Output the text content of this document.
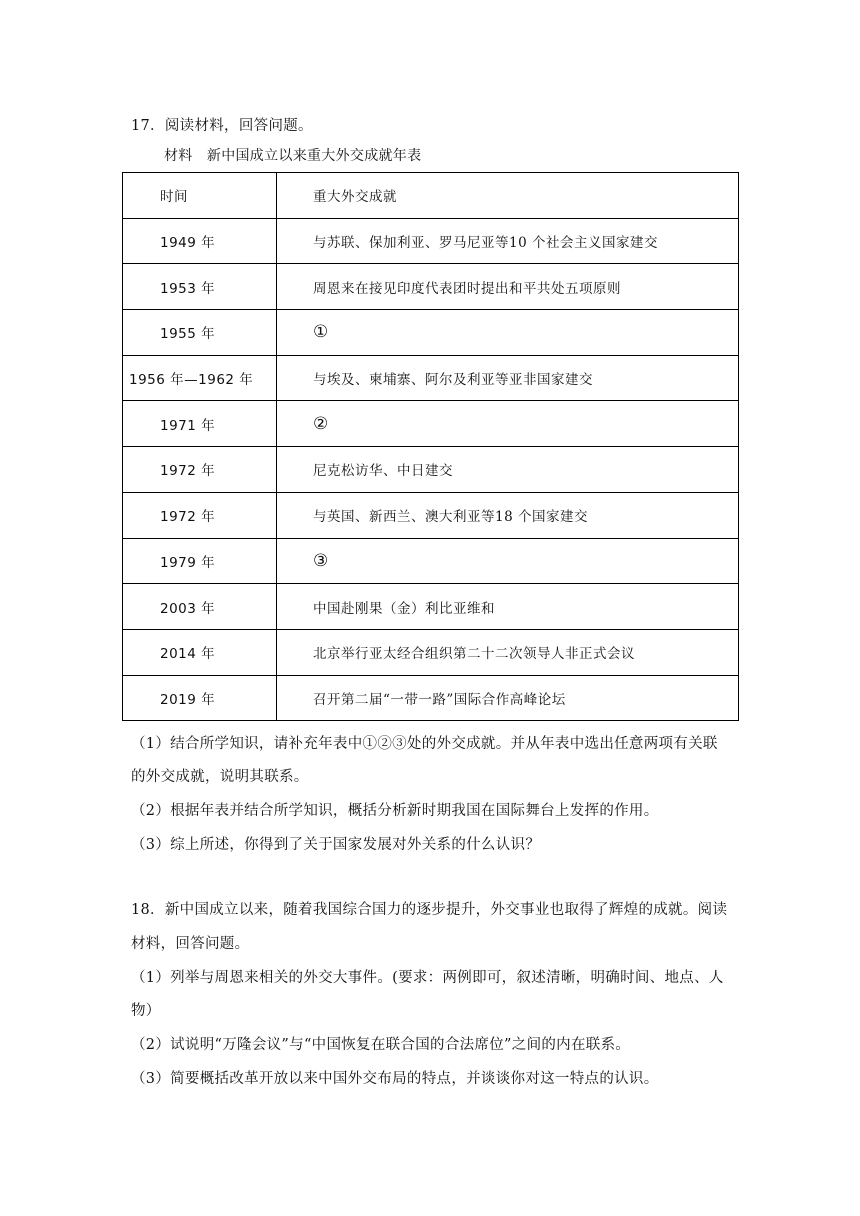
17．阅读材料，回答问题。
材料　新中国成立以来重大外交成就年表
时间	重大外交成就
1949 年	与苏联、保加利亚、罗马尼亚等10 个社会主义国家建交
1953 年	周恩来在接见印度代表团时提出和平共处五项原则
1955 年	①
1956 年—1962 年	与埃及、柬埔寨、阿尔及利亚等亚非国家建交
1971 年	②
1972 年	尼克松访华、中日建交
1972 年	与英国、新西兰、澳大利亚等18 个国家建交
1979 年	③
2003 年	中国赴刚果（金）利比亚维和
2014 年	北京举行亚太经合组织第二十二次领导人非正式会议
2019 年	召开第二届“一带一路”国际合作高峰论坛
（1）结合所学知识，请补充年表中①②③处的外交成就。并从年表中选出任意两项有关联
的外交成就，说明其联系。
（2）根据年表并结合所学知识，概括分析新时期我国在国际舞台上发挥的作用。
（3）综上所述，你得到了关于国家发展对外关系的什么认识？
18．新中国成立以来，随着我国综合国力的逐步提升，外交事业也取得了辉煌的成就。阅读
材料，回答问题。
（1）列举与周恩来相关的外交大事件。(要求：两例即可，叙述清晰，明确时间、地点、人
物）
（2）试说明“万隆会议”与“中国恢复在联合国的合法席位”之间的内在联系。
（3）简要概括改革开放以来中国外交布局的特点，并谈谈你对这一特点的认识。
